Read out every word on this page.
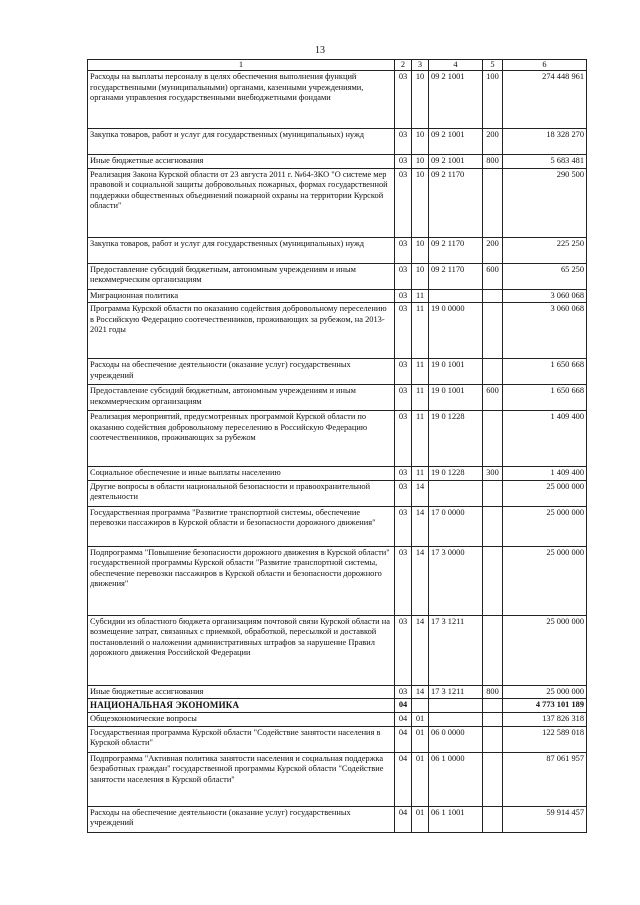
13
1	2	3	4	5	6
Расходы на выплаты персоналу в целях обеспечения выполнения функций государственными (муниципальными) органами, казенными учреждениями, органами управления государственными внебюджетными фондами	03	10	09 2 1001	100	274 448 961
Закупка товаров, работ и услуг для государственных (муниципальных) нужд	03	10	09 2 1001	200	18 328 270
Иные бюджетные ассигнования	03	10	09 2 1001	800	5 683 481
Реализация Закона Курской области от 23 августа 2011 г. №64-ЗКО "О системе мер правовой и социальной защиты добровольных пожарных, формах государственной поддержки общественных объединений пожарной охраны на территории Курской области"	03	10	09 2 1170		290 500
Закупка товаров, работ и услуг для государственных (муниципальных) нужд	03	10	09 2 1170	200	225 250
Предоставление субсидий бюджетным, автономным учреждениям и иным некоммерческим организациям	03	10	09 2 1170	600	65 250
Миграционная политика	03	11			3 060 068
Программа Курской области по оказанию содействия добровольному переселению в Российскую Федерацию соотечественников, проживающих за рубежом, на 2013-2021 годы	03	11	19 0 0000		3 060 068
Расходы на обеспечение деятельности (оказание услуг) государственных учреждений	03	11	19 0 1001		1 650 668
Предоставление субсидий бюджетным, автономным учреждениям и иным некоммерческим организациям	03	11	19 0 1001	600	1 650 668
Реализация мероприятий, предусмотренных программой Курской области по оказанию содействия добровольному переселению в Российскую Федерацию соотечественников, проживающих за рубежом	03	11	19 0 1228		1 409 400
Социальное обеспечение и иные выплаты населению	03	11	19 0 1228	300	1 409 400
Другие вопросы в области национальной безопасности и правоохранительной деятельности	03	14			25 000 000
Государственная программа "Развитие транспортной системы, обеспечение перевозки пассажиров в Курской области и безопасности дорожного движения"	03	14	17 0 0000		25 000 000
Подпрограмма "Повышение безопасности дорожного движения в Курской области" государственной программы Курской области "Развитие транспортной системы, обеспечение перевозки пассажиров в Курской области и безопасности дорожного движения"	03	14	17 3 0000		25 000 000
Субсидии из областного бюджета организациям почтовой связи Курской области на возмещение затрат, связанных с приемкой, обработкой, пересылкой и доставкой постановлений о наложении административных штрафов за нарушение Правил дорожного движения Российской Федерации	03	14	17 3 1211		25 000 000
Иные бюджетные ассигнования	03	14	17 3 1211	800	25 000 000
НАЦИОНАЛЬНАЯ ЭКОНОМИКА	04				4 773 101 189
Общеэкономические вопросы	04	01			137 826 318
Государственная программа Курской области "Содействие занятости населения в Курской области"	04	01	06 0 0000		122 589 018
Подпрограмма "Активная политика занятости населения и социальная поддержка безработных граждан" государственной программы Курской области "Содействие занятости населения в Курской области"	04	01	06 1 0000		87 061 957
Расходы на обеспечение деятельности (оказание услуг) государственных учреждений	04	01	06 1 1001		59 914 457
